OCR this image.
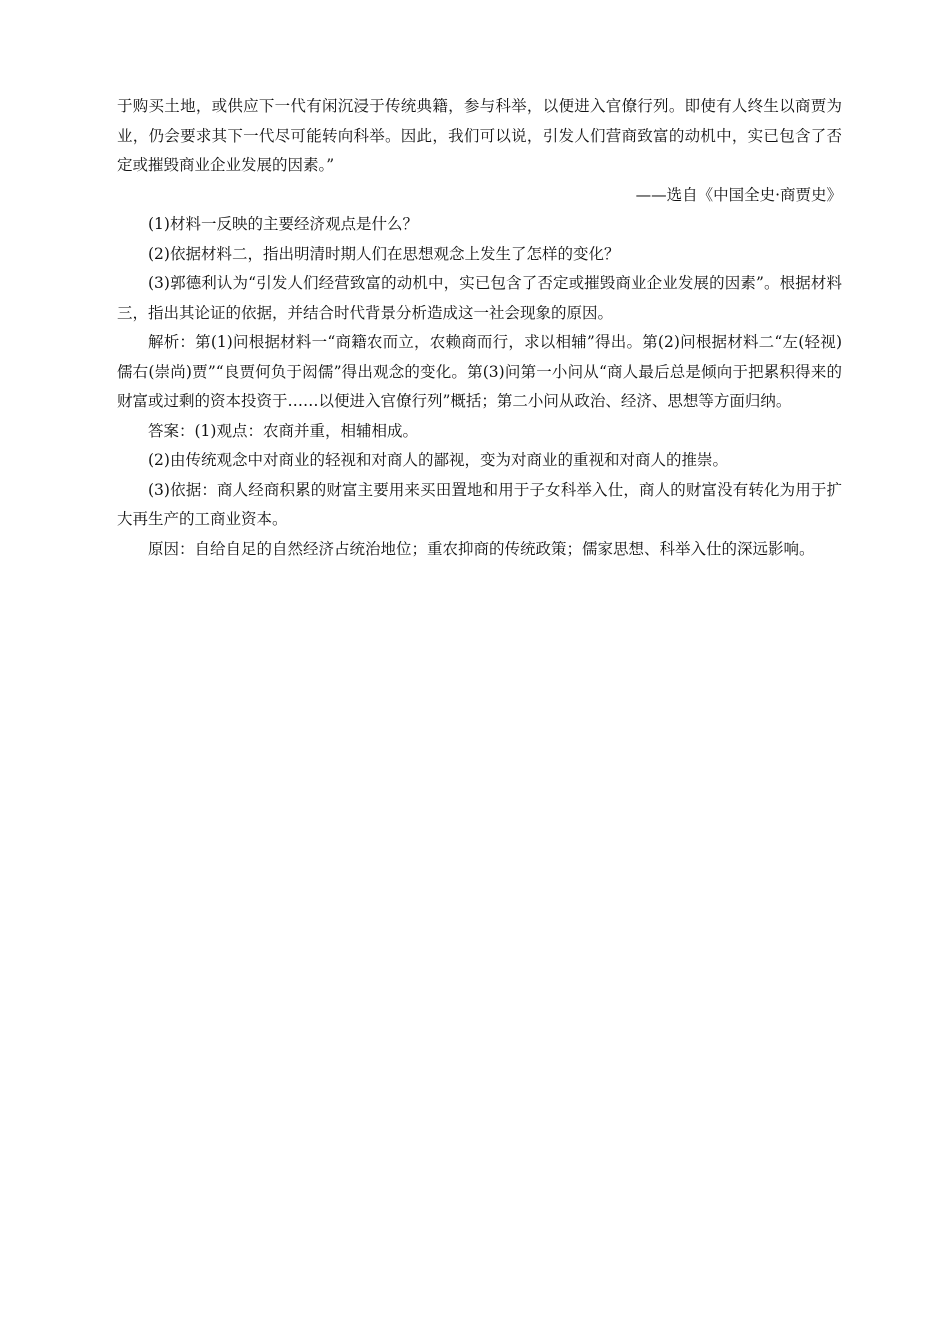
于购买土地，或供应下一代有闲沉浸于传统典籍，参与科举，以便进入官僚行列。即使有人终生以商贾为业，仍会要求其下一代尽可能转向科举。因此，我们可以说，引发人们营商致富的动机中，实已包含了否定或摧毁商业企业发展的因素。”

——选自《中国全史·商贾史》

(1)材料一反映的主要经济观点是什么？

(2)依据材料二，指出明清时期人们在思想观念上发生了怎样的变化？

(3)郭德利认为“引发人们经营致富的动机中，实已包含了否定或摧毁商业企业发展的因素”。根据材料三，指出其论证的依据，并结合时代背景分析造成这一社会现象的原因。

解析：第(1)问根据材料一“商籍农而立，农赖商而行，求以相辅”得出。第(2)问根据材料二“左(轻视)儒右(崇尚)贾”“良贾何负于闳儒”得出观念的变化。第(3)问第一小问从“商人最后总是倾向于把累积得来的财富或过剩的资本投资于……以便进入官僚行列”概括；第二小问从政治、经济、思想等方面归纳。

答案：(1)观点：农商并重，相辅相成。

(2)由传统观念中对商业的轻视和对商人的鄙视，变为对商业的重视和对商人的推崇。

(3)依据：商人经商积累的财富主要用来买田置地和用于子女科举入仕，商人的财富没有转化为用于扩大再生产的工商业资本。

原因：自给自足的自然经济占统治地位；重农抑商的传统政策；儒家思想、科举入仕的深远影响。
